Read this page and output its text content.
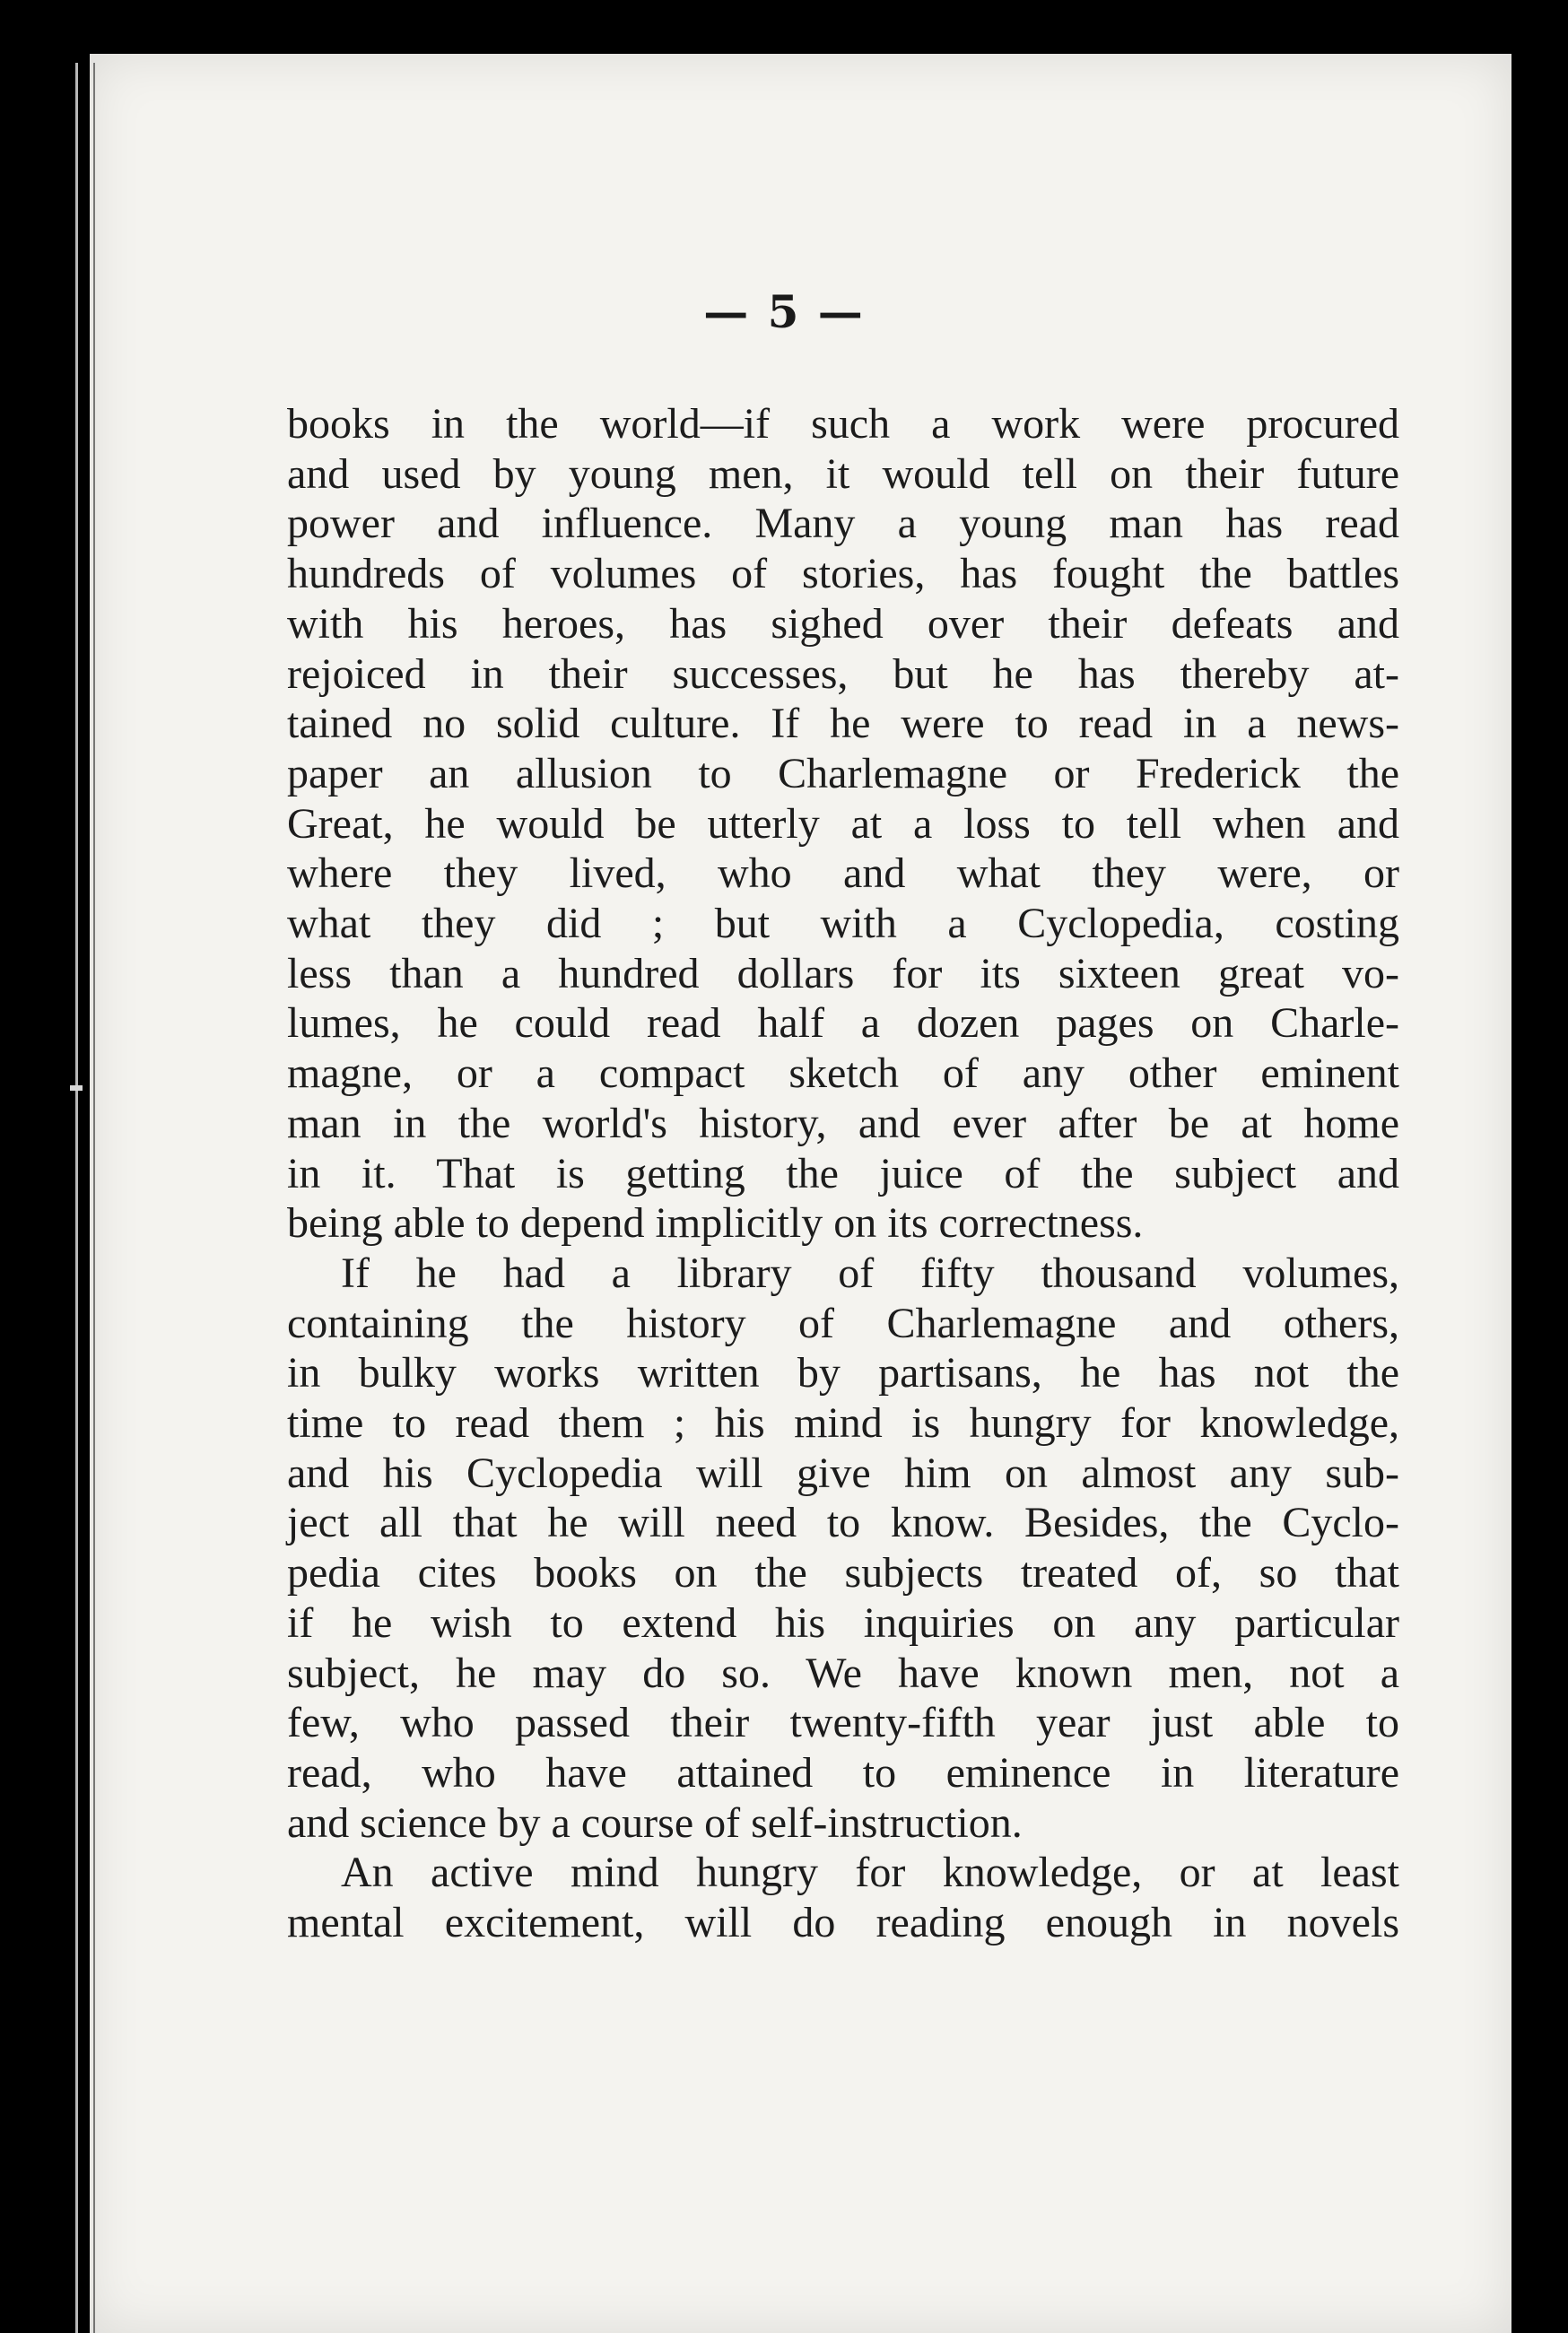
— 5 —
books in the world—if such a work were procured
and used by young men, it would tell on their future
power and influence. Many a young man has read
hundreds of volumes of stories, has fought the battles
with his heroes, has sighed over their defeats and
rejoiced in their successes, but he has thereby at-
tained no solid culture. If he were to read in a news-
paper an allusion to Charlemagne or Frederick the
Great, he would be utterly at a loss to tell when and
where they lived, who and what they were, or
what they did ; but with a Cyclopedia, costing
less than a hundred dollars for its sixteen great vo-
lumes, he could read half a dozen pages on Charle-
magne, or a compact sketch of any other eminent
man in the world's history, and ever after be at home
in it. That is getting the juice of the subject and
being able to depend implicitly on its correctness.
If he had a library of fifty thousand volumes,
containing the history of Charlemagne and others,
in bulky works written by partisans, he has not the
time to read them ; his mind is hungry for knowledge,
and his Cyclopedia will give him on almost any sub-
ject all that he will need to know. Besides, the Cyclo-
pedia cites books on the subjects treated of, so that
if he wish to extend his inquiries on any particular
subject, he may do so. We have known men, not a
few, who passed their twenty-fifth year just able to
read, who have attained to eminence in literature
and science by a course of self-instruction.
An active mind hungry for knowledge, or at least
mental excitement, will do reading enough in novels
